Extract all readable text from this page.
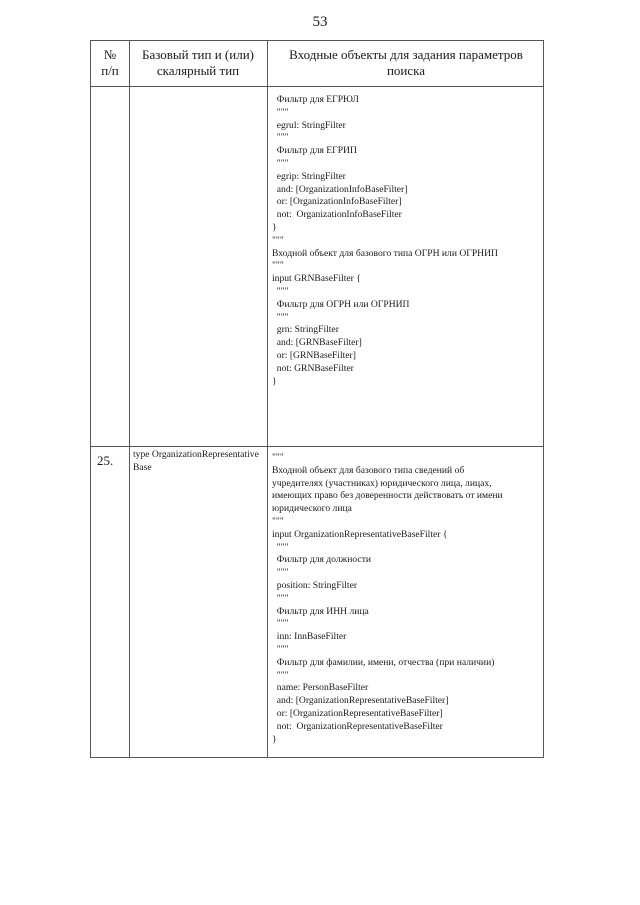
53
№
п/п
Базовый тип и (или)
скалярный тип
Входные объекты для задания параметров
поиска
Фильтр для ЕГРЮЛ
"""
egrul: StringFilter
"""
Фильтр для ЕГРИП
"""
egrip: StringFilter
and: [OrganizationInfoBaseFilter]
or: [OrganizationInfoBaseFilter]
not:  OrganizationInfoBaseFilter
}
"""
Входной объект для базового типа ОГРН или ОГРНИП
"""
input GRNBaseFilter {
"""
Фильтр для ОГРН или ОГРНИП
"""
grn: StringFilter
and: [GRNBaseFilter]
or: [GRNBaseFilter]
not: GRNBaseFilter
}
25. type OrganizationRepresentativeBase
"""
Входной объект для базового типа сведений об
учредителях (участниках) юридического лица, лицах,
имеющих право без доверенности действовать от имени
юридического лица
"""
input OrganizationRepresentativeBaseFilter {
"""
Фильтр для должности
"""
position: StringFilter
"""
Фильтр для ИНН лица
"""
inn: InnBaseFilter
"""
Фильтр для фамилии, имени, отчества (при наличии)
"""
name: PersonBaseFilter
and: [OrganizationRepresentativeBaseFilter]
or: [OrganizationRepresentativeBaseFilter]
not:  OrganizationRepresentativeBaseFilter
}
